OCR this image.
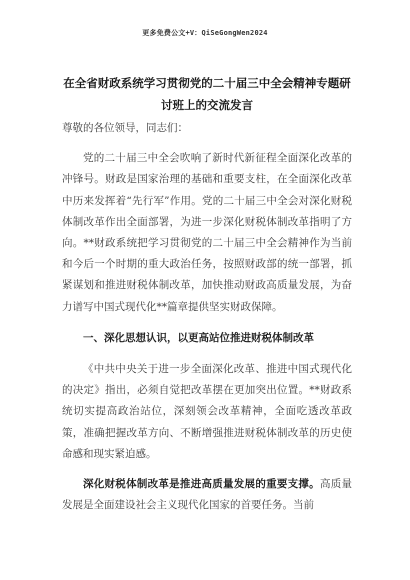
更多免费公文+V：QiSeGongWen2024
在全省财政系统学习贯彻党的二十届三中全会精神专题研
讨班上的交流发言

尊敬的各位领导，同志们：

党的二十届三中全会吹响了新时代新征程全面深化改革的冲锋号。财政是国家治理的基础和重要支柱，在全面深化改革中历来发挥着“先行军”作用。党的二十届三中全会对深化财税体制改革作出全面部署，为进一步深化财税体制改革指明了方向。**财政系统把学习贯彻党的二十届三中全会精神作为当前和今后一个时期的重大政治任务，按照财政部的统一部署，抓紧谋划和推进财税体制改革，加快推动财政高质量发展，为奋力谱写中国式现代化**篇章提供坚实财政保障。

一、深化思想认识，以更高站位推进财税体制改革

《中共中央关于进一步全面深化改革、推进中国式现代化的决定》指出，必须自觉把改革摆在更加突出位置。**财政系统切实提高政治站位，深刻领会改革精神，全面吃透改革政策，准确把握改革方向、不断增强推进财税体制改革的历史使命感和现实紧迫感。

深化财税体制改革是推进高质量发展的重要支撑。高质量发展是全面建设社会主义现代化国家的首要任务。当前
